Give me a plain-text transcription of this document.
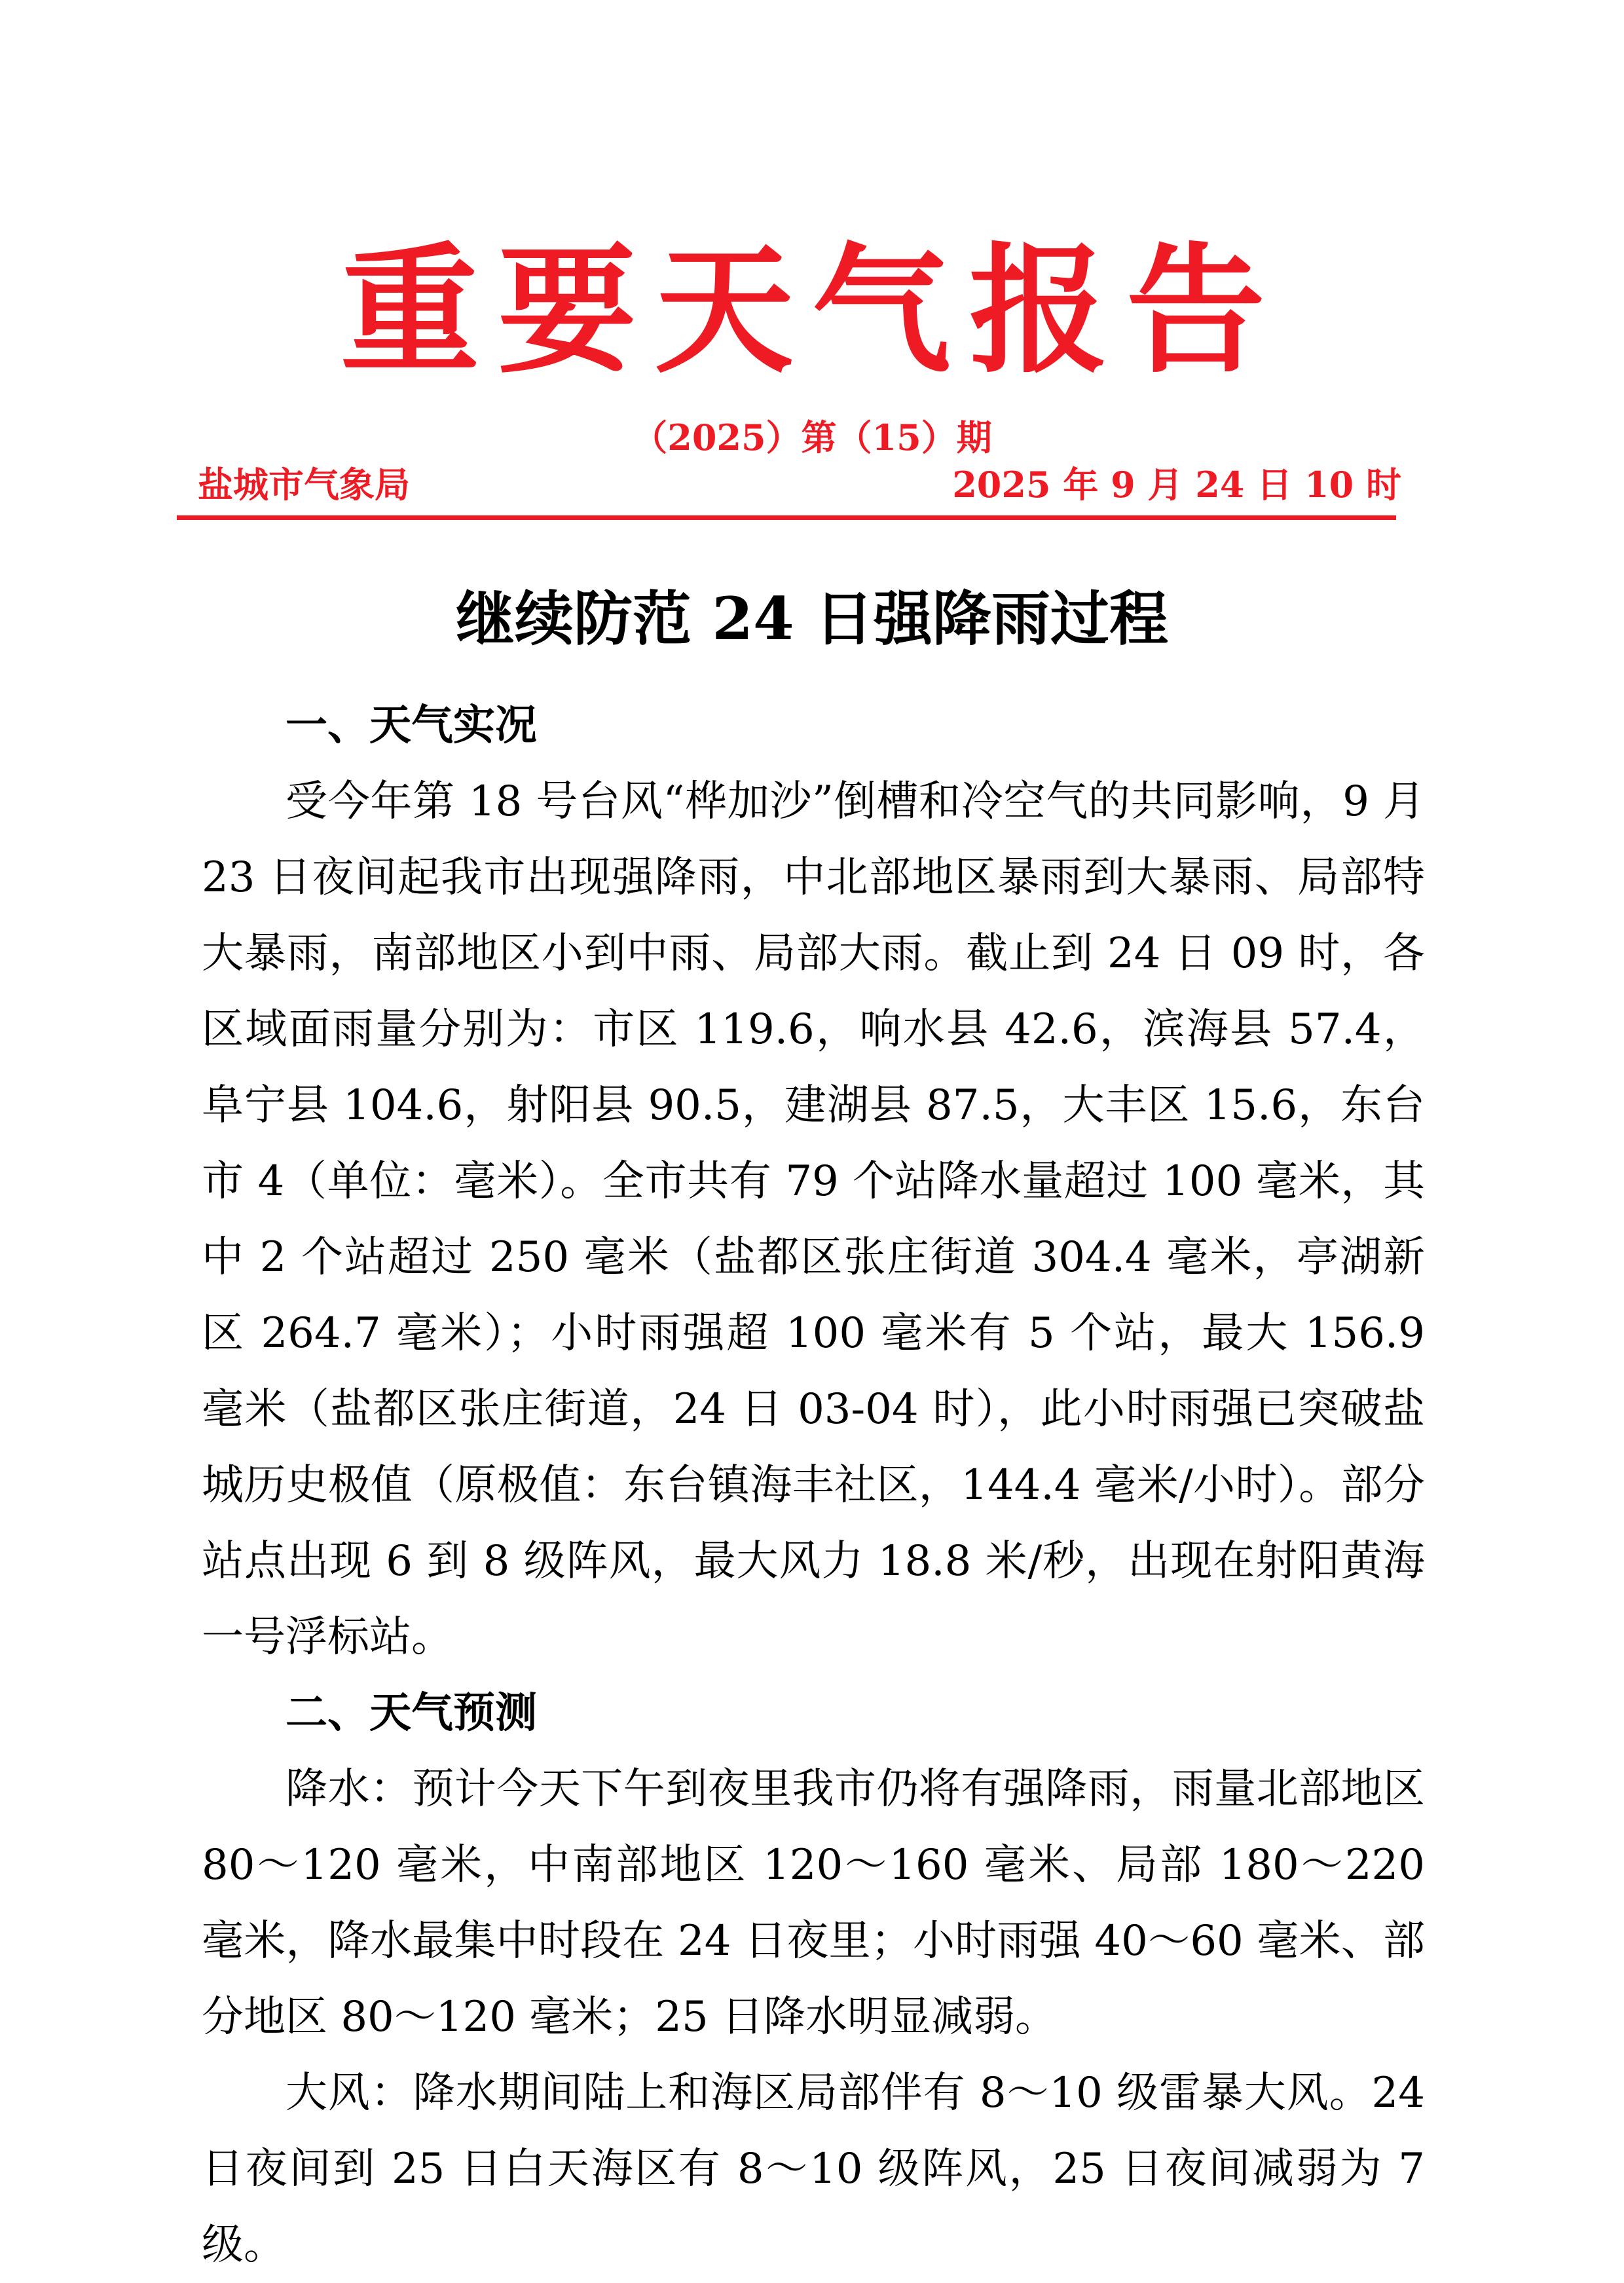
重要天气报告
（2025）第（15）期
盐城市气象局	2025 年 9 月 24 日 10 时
继续防范 24 日强降雨过程

一、天气实况

受今年第 18 号台风“桦加沙”倒槽和冷空气的共同影响，9 月 23 日夜间起我市出现强降雨，中北部地区暴雨到大暴雨、局部特大暴雨，南部地区小到中雨、局部大雨。截止到 24 日 09 时，各区域面雨量分别为：市区 119.6，响水县 42.6，滨海县 57.4，阜宁县 104.6，射阳县 90.5，建湖县 87.5，大丰区 15.6，东台市 4（单位：毫米）。全市共有 79 个站降水量超过 100 毫米，其中 2 个站超过 250 毫米（盐都区张庄街道 304.4 毫米，亭湖新区 264.7 毫米）；小时雨强超 100 毫米有 5 个站，最大 156.9 毫米（盐都区张庄街道，24 日 03-04 时），此小时雨强已突破盐城历史极值（原极值：东台镇海丰社区，144.4 毫米/小时）。部分站点出现 6 到 8 级阵风，最大风力 18.8 米/秒，出现在射阳黄海一号浮标站。

二、天气预测

降水：预计今天下午到夜里我市仍将有强降雨，雨量北部地区 80～120 毫米，中南部地区 120～160 毫米、局部 180～220 毫米，降水最集中时段在 24 日夜里；小时雨强 40～60 毫米、部分地区 80～120 毫米；25 日降水明显减弱。

大风：降水期间陆上和海区局部伴有 8～10 级雷暴大风。24 日夜间到 25 日白天海区有 8～10 级阵风，25 日夜间减弱为 7 级。
